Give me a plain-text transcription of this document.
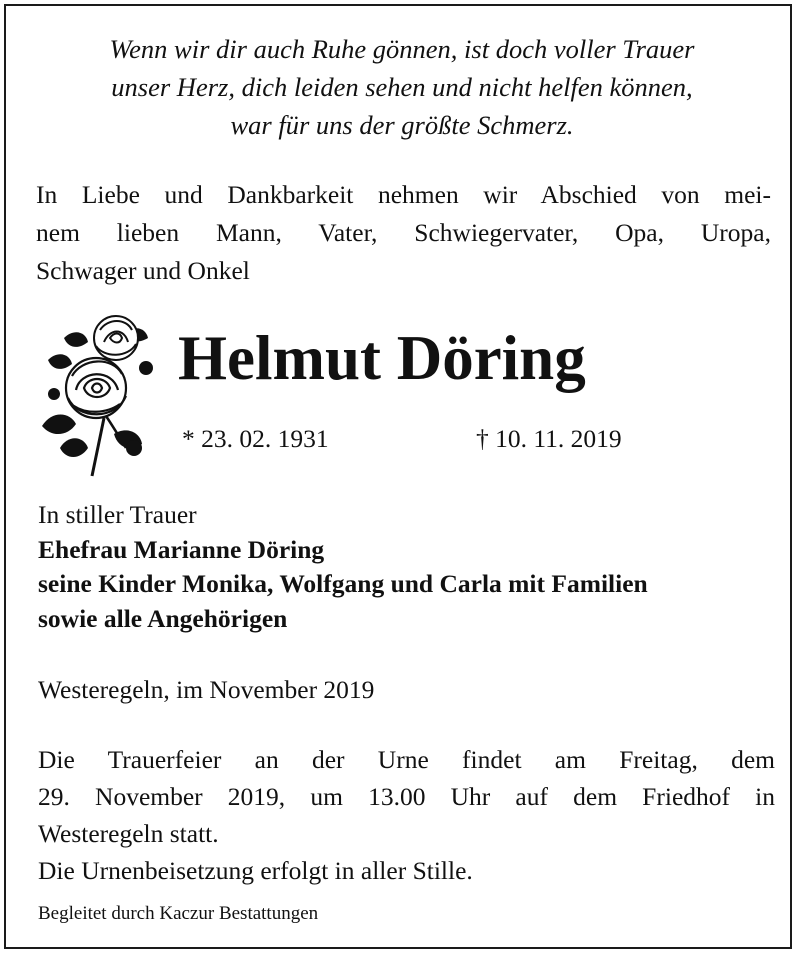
Wenn wir dir auch Ruhe gönnen, ist doch voller Trauer
unser Herz, dich leiden sehen und nicht helfen können,
war für uns der größte Schmerz.
In Liebe und Dankbarkeit nehmen wir Abschied von mei-
nem lieben Mann, Vater, Schwiegervater, Opa, Uropa,
Schwager und Onkel
Helmut Döring
* 23. 02. 1931	† 10. 11. 2019
In stiller Trauer
Ehefrau Marianne Döring
seine Kinder Monika, Wolfgang und Carla mit Familien
sowie alle Angehörigen
Westeregeln, im November 2019
Die Trauerfeier an der Urne findet am Freitag, dem
29. November 2019, um 13.00 Uhr auf dem Friedhof in
Westeregeln statt.
Die Urnenbeisetzung erfolgt in aller Stille.
Begleitet durch Kaczur Bestattungen
